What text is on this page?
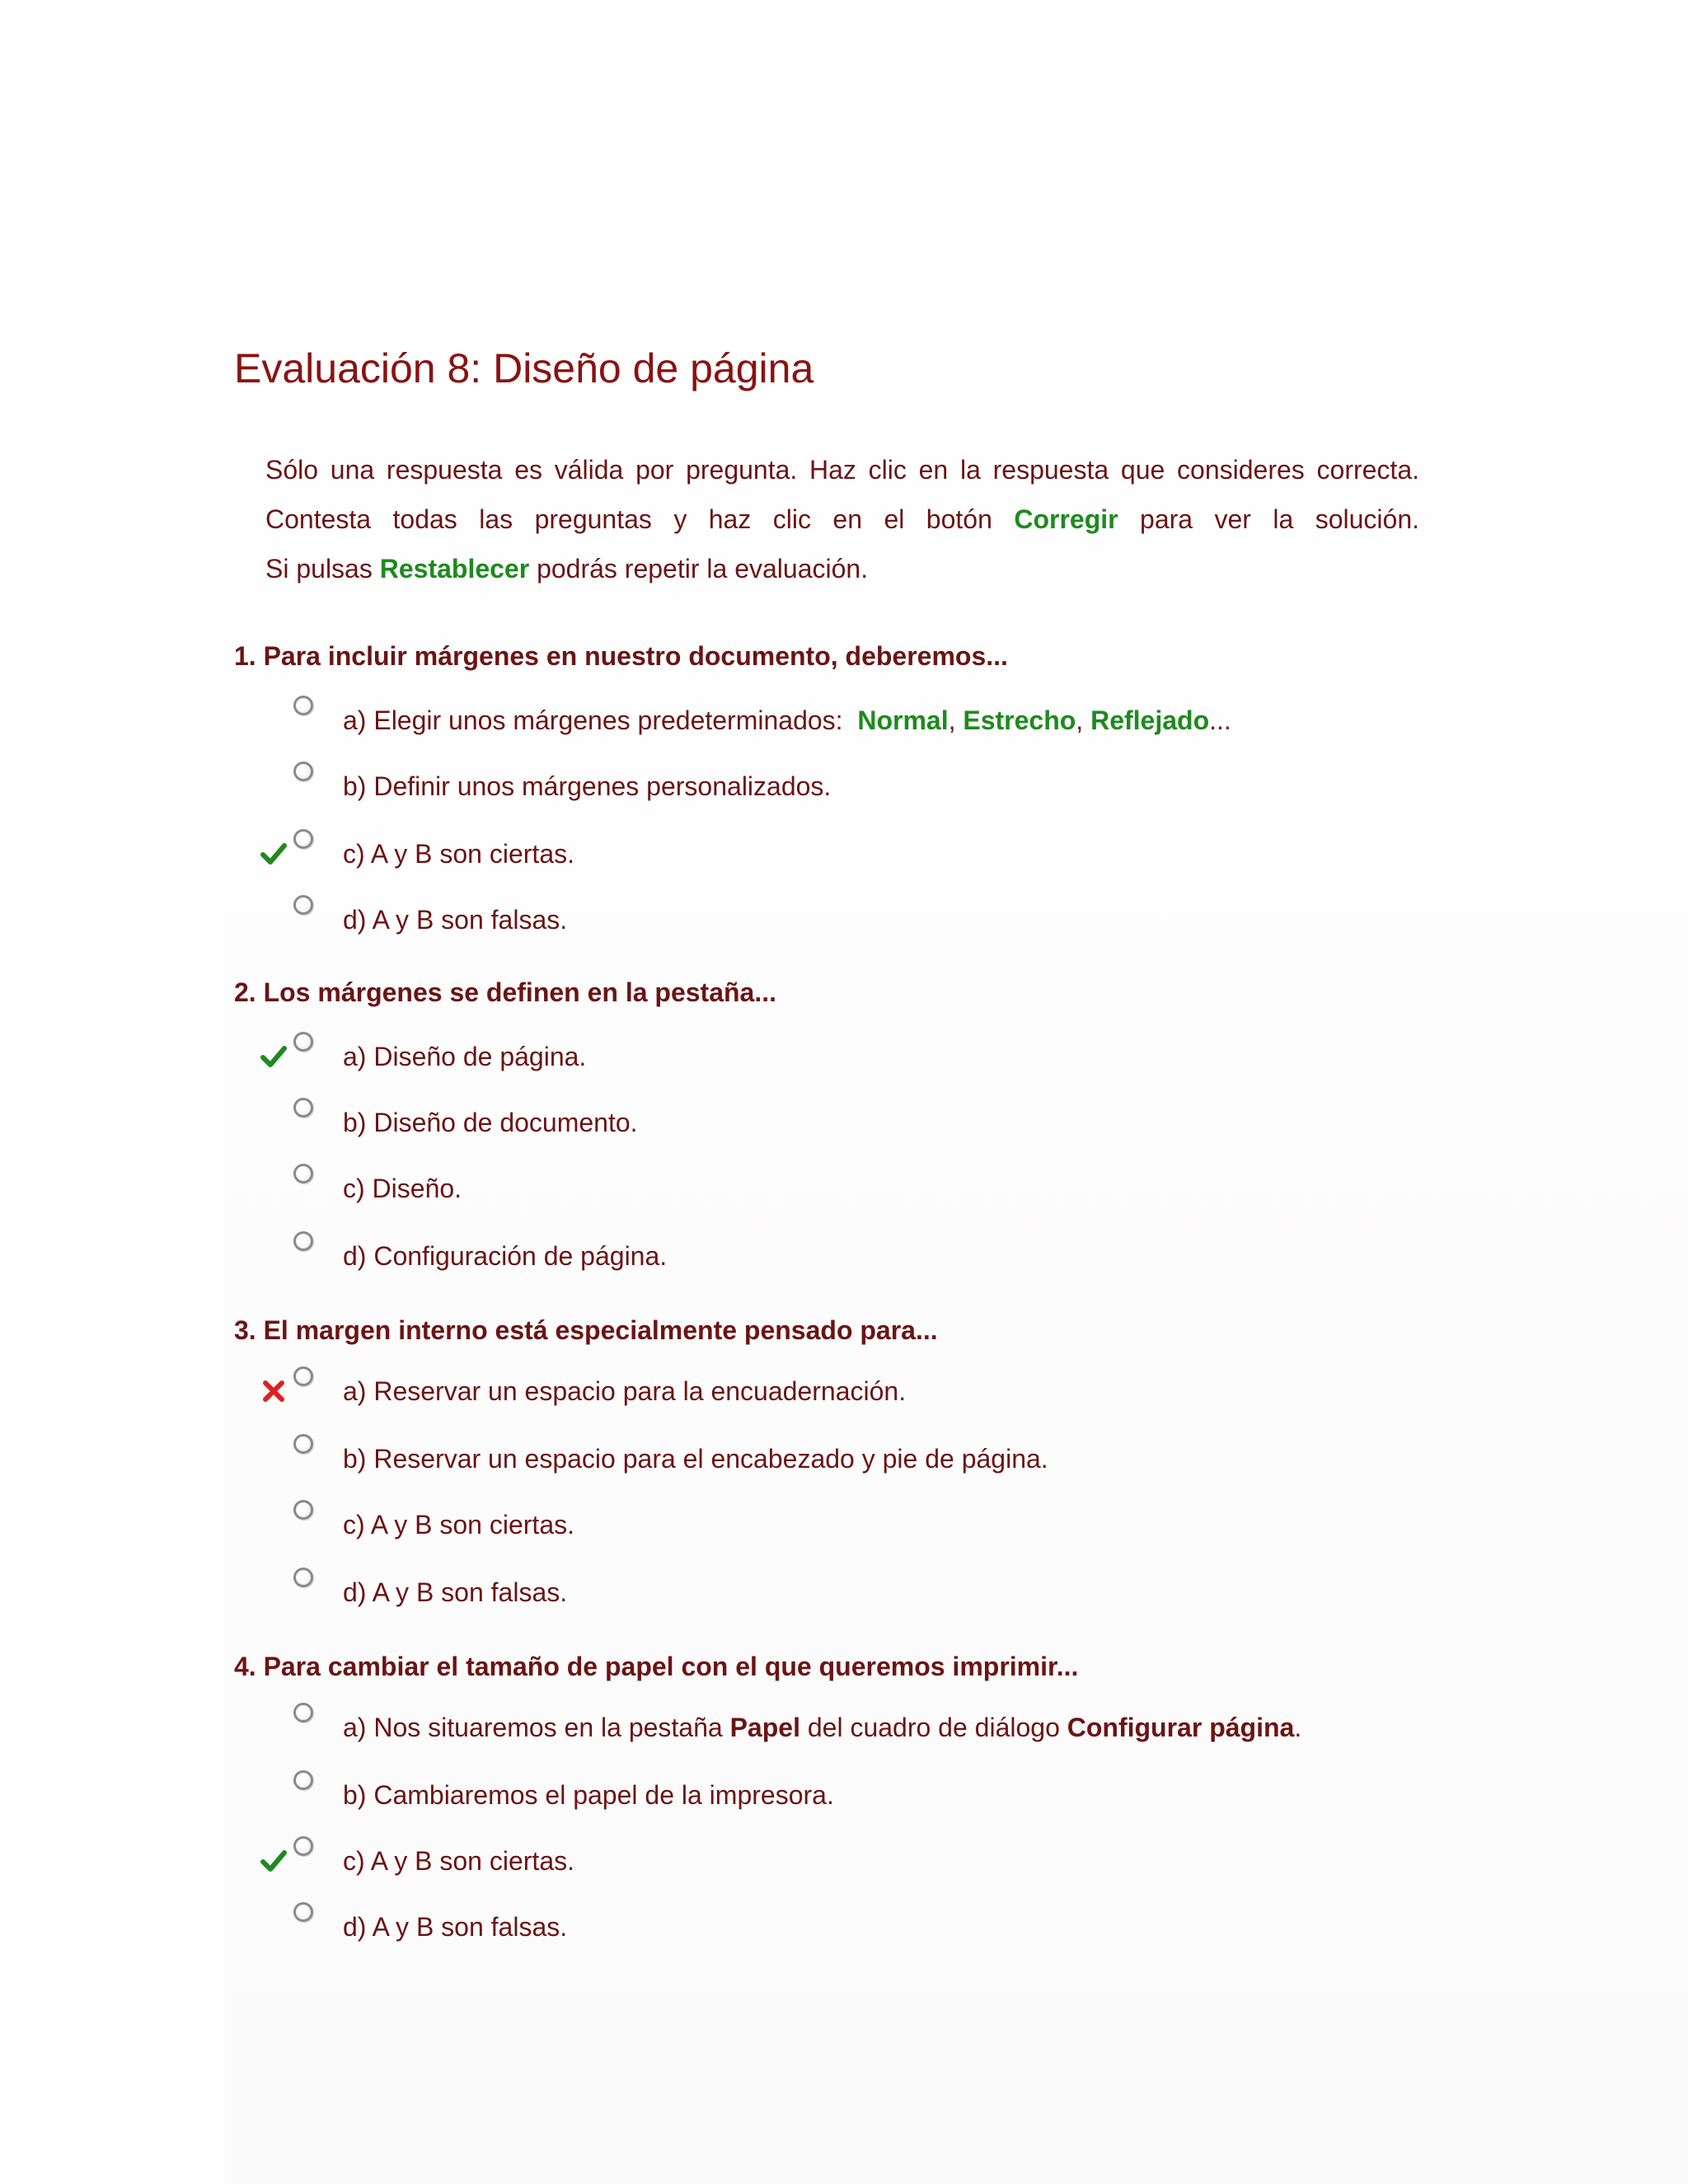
Evaluación 8: Diseño de página
Sólo una respuesta es válida por pregunta. Haz clic en la respuesta que consideres correcta.
Contesta todas las preguntas y haz clic en el botón Corregir para ver la solución.
Si pulsas Restablecer podrás repetir la evaluación.
1. Para incluir márgenes en nuestro documento, deberemos...
a) Elegir unos márgenes predeterminados: Normal, Estrecho, Reflejado...
b) Definir unos márgenes personalizados.
c) A y B son ciertas.
d) A y B son falsas.
2. Los márgenes se definen en la pestaña...
a) Diseño de página.
b) Diseño de documento.
c) Diseño.
d) Configuración de página.
3. El margen interno está especialmente pensado para...
a) Reservar un espacio para la encuadernación.
b) Reservar un espacio para el encabezado y pie de página.
c) A y B son ciertas.
d) A y B son falsas.
4. Para cambiar el tamaño de papel con el que queremos imprimir...
a) Nos situaremos en la pestaña Papel del cuadro de diálogo Configurar página.
b) Cambiaremos el papel de la impresora.
c) A y B son ciertas.
d) A y B son falsas.
